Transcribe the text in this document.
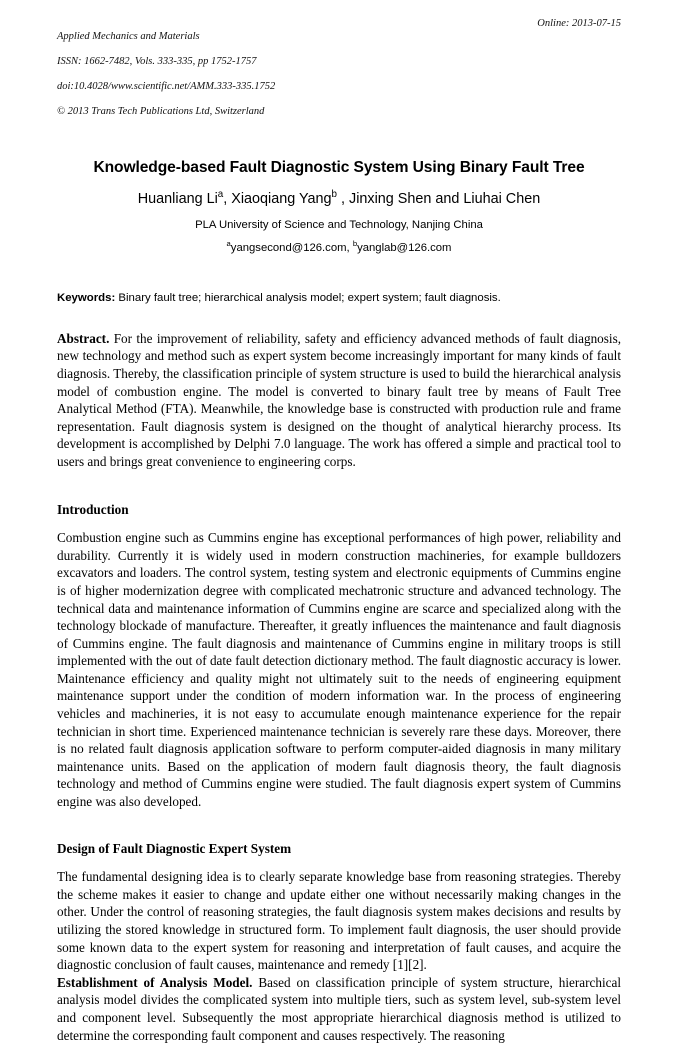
Applied Mechanics and Materials

ISSN: 1662-7482, Vols. 333-335, pp 1752-1757

doi:10.4028/www.scientific.net/AMM.333-335.1752

© 2013 Trans Tech Publications Ltd, Switzerland

Online: 2013-07-15
Knowledge-based Fault Diagnostic System Using Binary Fault Tree
Huanliang Li$^a$, Xiaoqiang Yang$^b$ , Jinxing Shen and Liuhai Chen
PLA University of Science and Technology, Nanjing China
$^a$yangsecond@126.com, $^b$yanglab@126.com
Keywords: Binary fault tree; hierarchical analysis model; expert system; fault diagnosis.

Abstract. For the improvement of reliability, safety and efficiency advanced methods of fault diagnosis, new technology and method such as expert system become increasingly important for many kinds of fault diagnosis. Thereby, the classification principle of system structure is used to build the hierarchical analysis model of combustion engine. The model is converted to binary fault tree by means of Fault Tree Analytical Method (FTA). Meanwhile, the knowledge base is constructed with production rule and frame representation. Fault diagnosis system is designed on the thought of analytical hierarchy process. Its development is accomplished by Delphi 7.0 language. The work has offered a simple and practical tool to users and brings great convenience to engineering corps.

Introduction

Combustion engine such as Cummins engine has exceptional performances of high power, reliability and durability. Currently it is widely used in modern construction machineries, for example bulldozers excavators and loaders. The control system, testing system and electronic equipments of Cummins engine is of higher modernization degree with complicated mechatronic structure and advanced technology. The technical data and maintenance information of Cummins engine are scarce and specialized along with the technology blockade of manufacture. Thereafter, it greatly influences the maintenance and fault diagnosis of Cummins engine. The fault diagnosis and maintenance of Cummins engine in military troops is still implemented with the out of date fault detection dictionary method. The fault diagnostic accuracy is lower. Maintenance efficiency and quality might not ultimately suit to the needs of engineering equipment maintenance support under the condition of modern information war. In the process of engineering vehicles and machineries, it is not easy to accumulate enough maintenance experience for the repair technician in short time. Experienced maintenance technician is severely rare these days. Moreover, there is no related fault diagnosis application software to perform computer-aided diagnosis in many military maintenance units. Based on the application of modern fault diagnosis theory, the fault diagnosis technology and method of Cummins engine were studied. The fault diagnosis expert system of Cummins engine was also developed.

Design of Fault Diagnostic Expert System

The fundamental designing idea is to clearly separate knowledge base from reasoning strategies. Thereby the scheme makes it easier to change and update either one without necessarily making changes in the other. Under the control of reasoning strategies, the fault diagnosis system makes decisions and results by utilizing the stored knowledge in structured form. To implement fault diagnosis, the user should provide some known data to the expert system for reasoning and interpretation of fault causes, and acquire the diagnostic conclusion of fault causes, maintenance and remedy [1][2].

Establishment of Analysis Model. Based on classification principle of system structure, hierarchical analysis model divides the complicated system into multiple tiers, such as system level, sub-system level and component level. Subsequently the most appropriate hierarchical diagnosis method is utilized to determine the corresponding fault component and causes respectively. The reasoning
